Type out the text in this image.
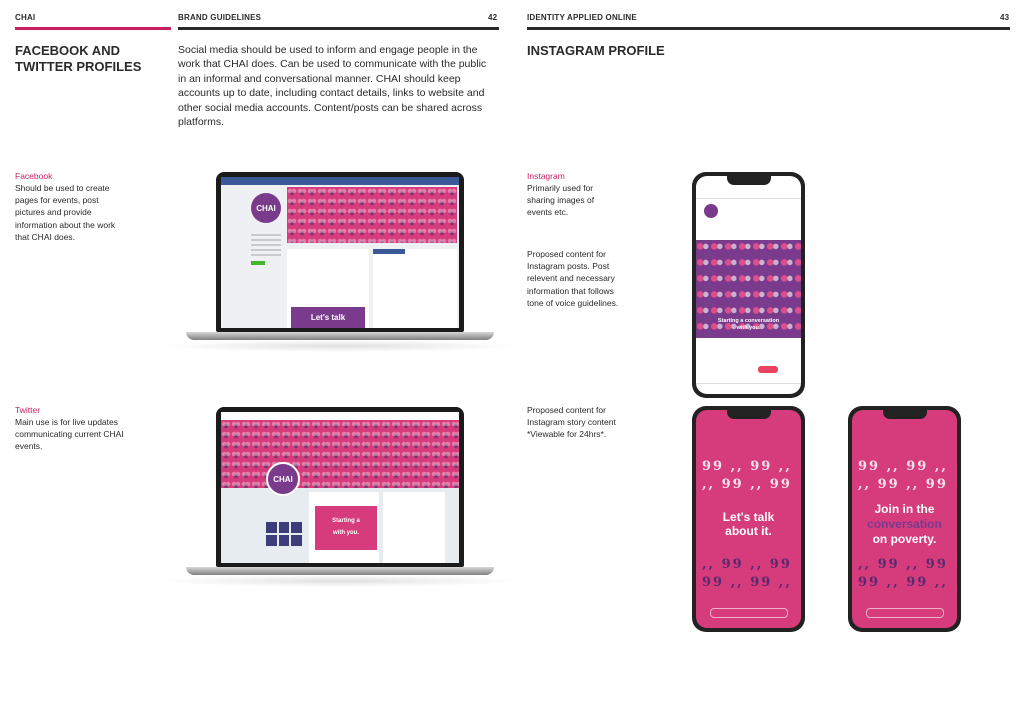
CHAI	BRAND GUIDELINES	42	IDENTITY APPLIED ONLINE	43
FACEBOOK AND
TWITTER PROFILES
Social media should be used to inform and engage people in the work that CHAI does. Can be used to communicate with the public in an informal and conversational manner. CHAI should keep accounts up to date, including contact details, links to website and other social media accounts. Content/posts can be shared across platforms.
INSTAGRAM PROFILE
Facebook
Should be used to create pages for events, post pictures and provide information about the work that CHAI does.
Twitter
Main use is for live updates communicating current CHAI events.
Instagram
Primarily used for sharing images of events etc.
Proposed content for Instagram posts. Post relevent and necessary information that follows tone of voice guidelines.
Proposed content for Instagram story content *Viewable for 24hrs*.
CHAI
Let's talk
CHAI
Starting a
with you.
Starting a conversation
with you.
99 ,, 99 ,,
,, 99 ,, 99
Let's talk
about it.
,, 99 ,, 99
99 ,, 99 ,,
99 ,, 99 ,,
,, 99 ,, 99
Join in the
conversation
on poverty.
,, 99 ,, 99
99 ,, 99 ,,
